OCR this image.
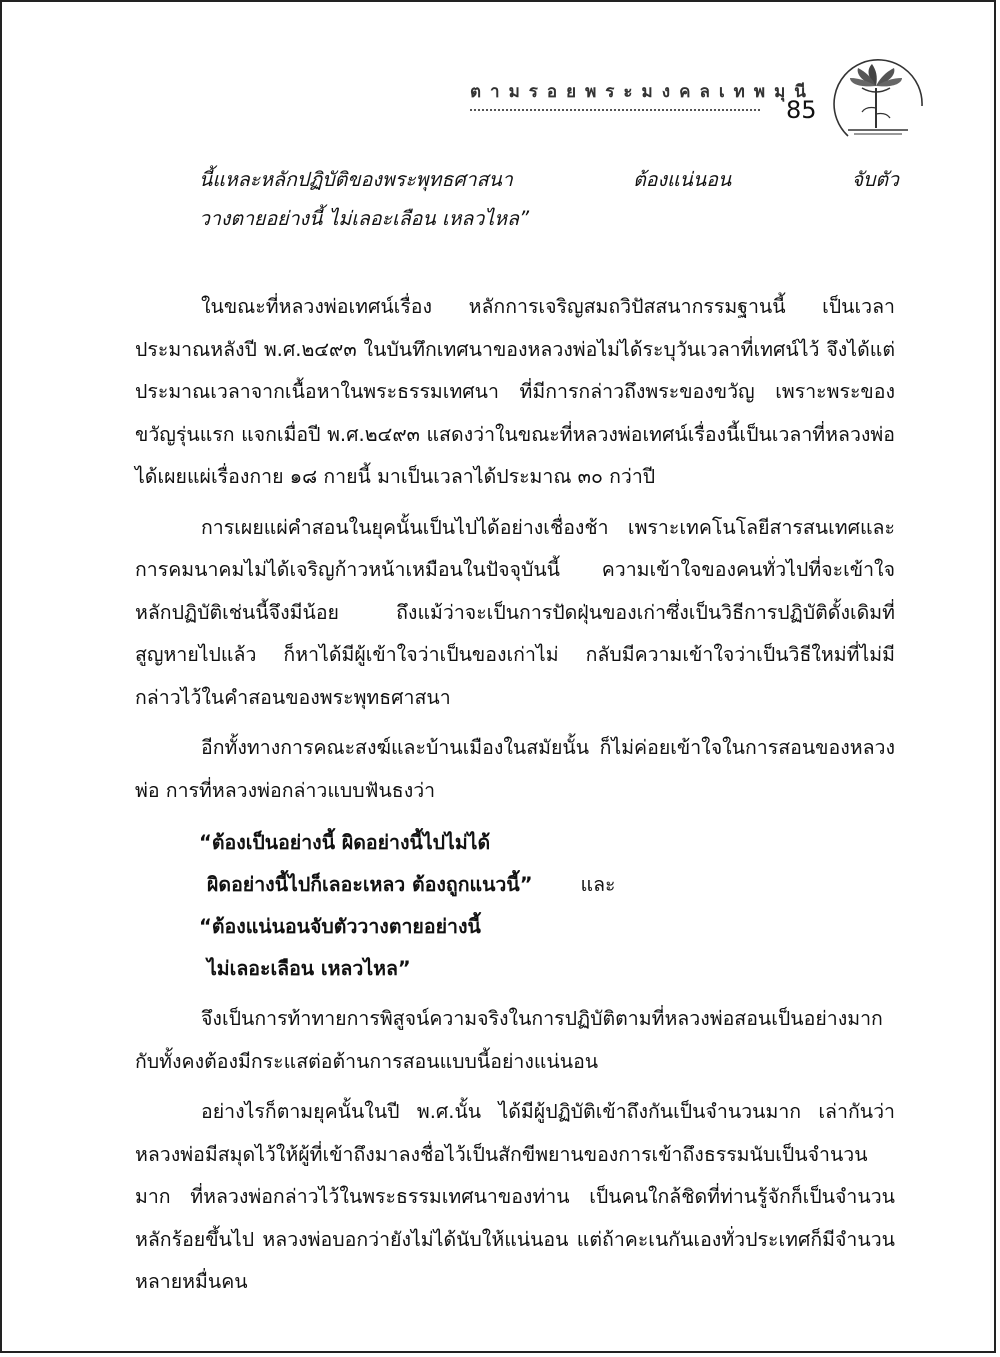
ตามรอยพระมงคลเทพมุนี
85
นี้แหละหลักปฏิบัติของพระพุทธศาสนา ต้องแน่นอน จับตัว
วางตายอย่างนี้ ไม่เลอะเลือน เหลวไหล”

ในขณะที่หลวงพ่อเทศน์เรื่อง หลักการเจริญสมถวิปัสสนากรรมฐานนี้ เป็นเวลาประมาณหลังปี พ.ศ.๒๔๙๓ ในบันทึกเทศนาของหลวงพ่อไม่ได้ระบุวันเวลาที่เทศน์ไว้ จึงได้แต่ประมาณเวลาจากเนื้อหาในพระธรรมเทศนา ที่มีการกล่าวถึงพระของขวัญ เพราะพระของขวัญรุ่นแรก แจกเมื่อปี พ.ศ.๒๔๙๓ แสดงว่าในขณะที่หลวงพ่อเทศน์เรื่องนี้เป็นเวลาที่หลวงพ่อได้เผยแผ่เรื่องกาย ๑๘ กายนี้ มาเป็นเวลาได้ประมาณ ๓๐ กว่าปี

การเผยแผ่คำสอนในยุคนั้นเป็นไปได้อย่างเชื่องช้า เพราะเทคโนโลยีสารสนเทศและการคมนาคมไม่ได้เจริญก้าวหน้าเหมือนในปัจจุบันนี้ ความเข้าใจของคนทั่วไปที่จะเข้าใจหลักปฏิบัติเช่นนี้จึงมีน้อย ถึงแม้ว่าจะเป็นการปัดฝุ่นของเก่าซึ่งเป็นวิธีการปฏิบัติดั้งเดิมที่สูญหายไปแล้ว ก็หาได้มีผู้เข้าใจว่าเป็นของเก่าไม่ กลับมีความเข้าใจว่าเป็นวิธีใหม่ที่ไม่มีกล่าวไว้ในคำสอนของพระพุทธศาสนา

อีกทั้งทางการคณะสงฆ์และบ้านเมืองในสมัยนั้น ก็ไม่ค่อยเข้าใจในการสอนของหลวงพ่อ การที่หลวงพ่อกล่าวแบบฟันธงว่า

“ต้องเป็นอย่างนี้ ผิดอย่างนี้ไปไม่ได้
ผิดอย่างนี้ไปก็เลอะเหลว ต้องถูกแนวนี้” และ
“ต้องแน่นอนจับตัววางตายอย่างนี้
ไม่เลอะเลือน เหลวไหล”

จึงเป็นการท้าทายการพิสูจน์ความจริงในการปฏิบัติตามที่หลวงพ่อสอนเป็นอย่างมาก กับทั้งคงต้องมีกระแสต่อต้านการสอนแบบนี้อย่างแน่นอน

อย่างไรก็ตามยุคนั้นในปี พ.ศ.นั้น ได้มีผู้ปฏิบัติเข้าถึงกันเป็นจำนวนมาก เล่ากันว่าหลวงพ่อมีสมุดไว้ให้ผู้ที่เข้าถึงมาลงชื่อไว้เป็นสักขีพยานของการเข้าถึงธรรมนับเป็นจำนวนมาก ที่หลวงพ่อกล่าวไว้ในพระธรรมเทศนาของท่าน เป็นคนใกล้ชิดที่ท่านรู้จักก็เป็นจำนวนหลักร้อยขึ้นไป หลวงพ่อบอกว่ายังไม่ได้นับให้แน่นอน แต่ถ้าคะเนกันเองทั่วประเทศก็มีจำนวนหลายหมื่นคน
